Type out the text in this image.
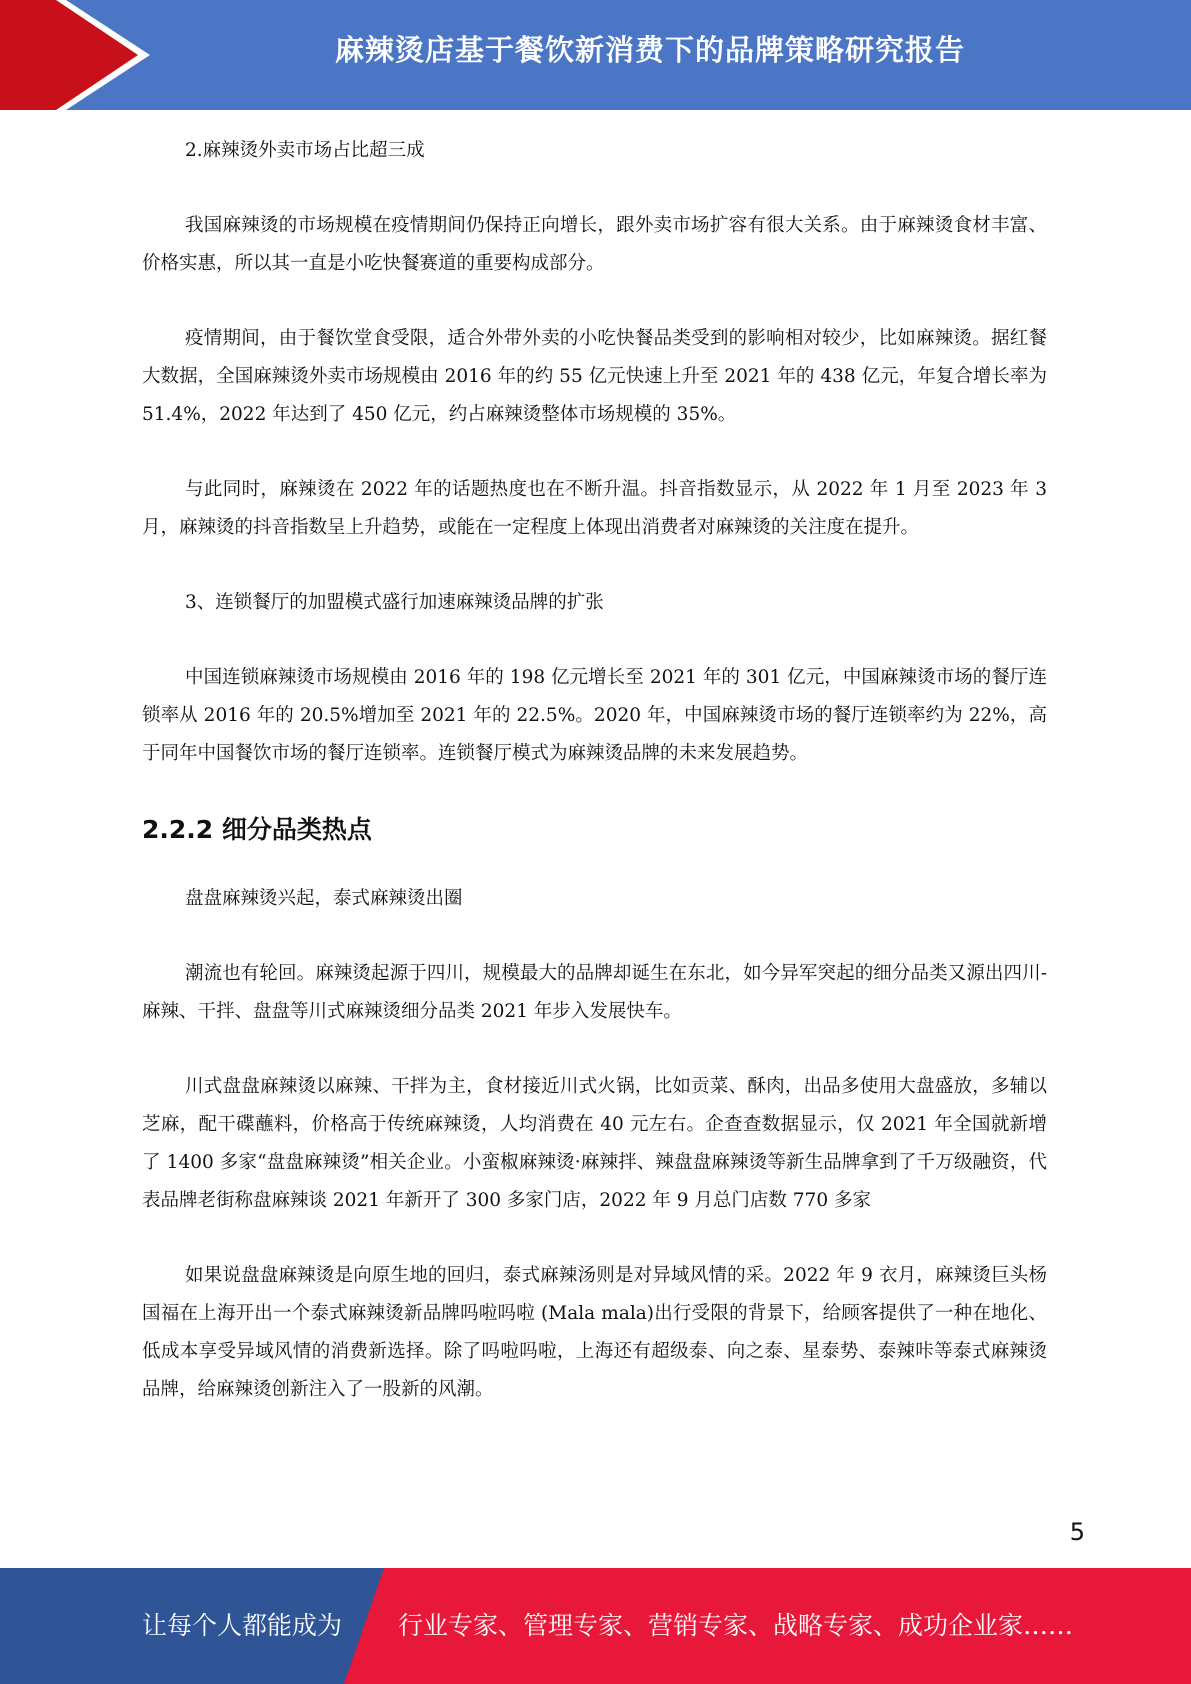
麻辣烫店基于餐饮新消费下的品牌策略研究报告

2.麻辣烫外卖市场占比超三成

我国麻辣烫的市场规模在疫情期间仍保持正向增长，跟外卖市场扩容有很大关系。由于麻辣烫食材丰富、价格实惠，所以其一直是小吃快餐赛道的重要构成部分。

疫情期间，由于餐饮堂食受限，适合外带外卖的小吃快餐品类受到的影响相对较少，比如麻辣烫。据红餐大数据，全国麻辣烫外卖市场规模由 2016 年的约 55 亿元快速上升至 2021 年的 438 亿元，年复合增长率为 51.4%，2022 年达到了 450 亿元，约占麻辣烫整体市场规模的 35%。

与此同时，麻辣烫在 2022 年的话题热度也在不断升温。抖音指数显示，从 2022 年 1 月至 2023 年 3 月，麻辣烫的抖音指数呈上升趋势，或能在一定程度上体现出消费者对麻辣烫的关注度在提升。

3、连锁餐厅的加盟模式盛行加速麻辣烫品牌的扩张

中国连锁麻辣烫市场规模由 2016 年的 198 亿元增长至 2021 年的 301 亿元，中国麻辣烫市场的餐厅连锁率从 2016 年的 20.5%增加至 2021 年的 22.5%。2020 年，中国麻辣烫市场的餐厅连锁率约为 22%，高于同年中国餐饮市场的餐厅连锁率。连锁餐厅模式为麻辣烫品牌的未来发展趋势。

2.2.2 细分品类热点

盘盘麻辣烫兴起，泰式麻辣烫出圈

潮流也有轮回。麻辣烫起源于四川，规模最大的品牌却诞生在东北，如今异军突起的细分品类又源出四川-麻辣、干拌、盘盘等川式麻辣烫细分品类 2021 年步入发展快车。

川式盘盘麻辣烫以麻辣、干拌为主，食材接近川式火锅，比如贡菜、酥肉，出品多使用大盘盛放，多辅以芝麻，配干碟蘸料，价格高于传统麻辣烫，人均消费在 40 元左右。企查查数据显示，仅 2021 年全国就新增了 1400 多家“盘盘麻辣烫”相关企业。小蛮椒麻辣烫·麻辣拌、辣盘盘麻辣烫等新生品牌拿到了千万级融资，代表品牌老街称盘麻辣谈 2021 年新开了 300 多家门店，2022 年 9 月总门店数 770 多家

如果说盘盘麻辣烫是向原生地的回归，泰式麻辣汤则是对异域风情的采。2022 年 9 衣月，麻辣烫巨头杨国福在上海开出一个泰式麻辣烫新品牌吗啦吗啦 (Mala mala)出行受限的背景下，给顾客提供了一种在地化、低成本享受异域风情的消费新选择。除了吗啦吗啦，上海还有超级泰、向之泰、星泰势、泰辣咔等泰式麻辣烫品牌，给麻辣烫创新注入了一股新的风潮。

5
让每个人都能成为 行业专家、管理专家、营销专家、战略专家、成功企业家……
